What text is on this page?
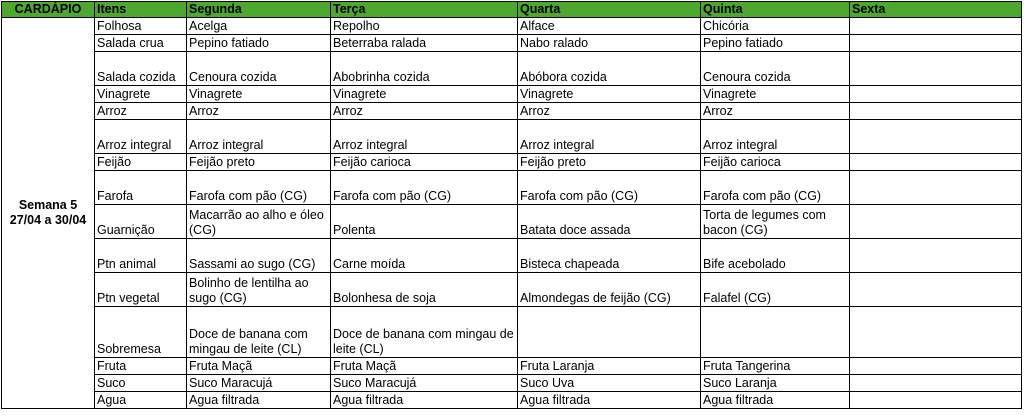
CARDÁPIO	Itens	Segunda	Terça	Quarta	Quinta	Sexta

Semana 5
27/04 a 30/04	Folhosa	Acelga	Repolho	Alface	Chicória	
	Salada crua	Pepino fatiado	Beterraba ralada	Nabo ralado	Pepino fatiado	
	Salada cozida	Cenoura cozida	Abobrinha cozida	Abóbora cozida	Cenoura cozida	
	Vinagrete	Vinagrete	Vinagrete	Vinagrete	Vinagrete	
	Arroz	Arroz	Arroz	Arroz	Arroz	
	Arroz integral	Arroz integral	Arroz integral	Arroz integral	Arroz integral	
	Feijão	Feijão preto	Feijão carioca	Feijão preto	Feijão carioca	
	Farofa	Farofa com pão (CG)	Farofa com pão (CG)	Farofa com pão (CG)	Farofa com pão (CG)	
	Guarnição	Macarrão ao alho e óleo (CG)	Polenta	Batata doce assada	Torta de legumes com bacon (CG)	
	Ptn animal	Sassami ao sugo (CG)	Carne moída	Bisteca chapeada	Bife acebolado	
	Ptn vegetal	Bolinho de lentilha ao sugo (CG)	Bolonhesa de soja	Almondegas de feijão (CG)	Falafel (CG)	
	Sobremesa	Doce de banana com mingau de leite (CL)	Doce de banana com mingau de leite (CL)			
	Fruta	Fruta Maçã	Fruta Maçã	Fruta Laranja	Fruta Tangerina	
	Suco	Suco Maracujá	Suco Maracujá	Suco Uva	Suco Laranja	
	Agua	Agua filtrada	Agua filtrada	Agua filtrada	Agua filtrada	
